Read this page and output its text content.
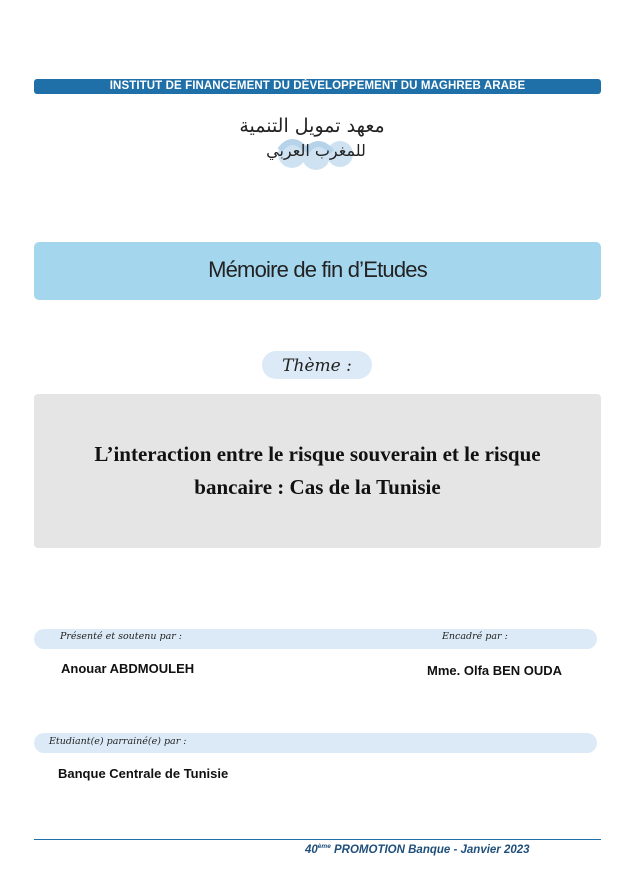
INSTITUT DE FINANCEMENT DU DÉVELOPPEMENT DU MAGHREB ARABE
معهد تمويل التنمية
للمغرب العربي
Mémoire de fin d’Etudes
Thème :
L’interaction entre le risque souverain et le risque bancaire : Cas de la Tunisie
Présenté et soutenu par :	Encadré par :
Anouar ABDMOULEH	Mme. Olfa BEN OUDA
Etudiant(e) parrainé(e) par :
Banque Centrale de Tunisie
40ème PROMOTION Banque - Janvier 2023
